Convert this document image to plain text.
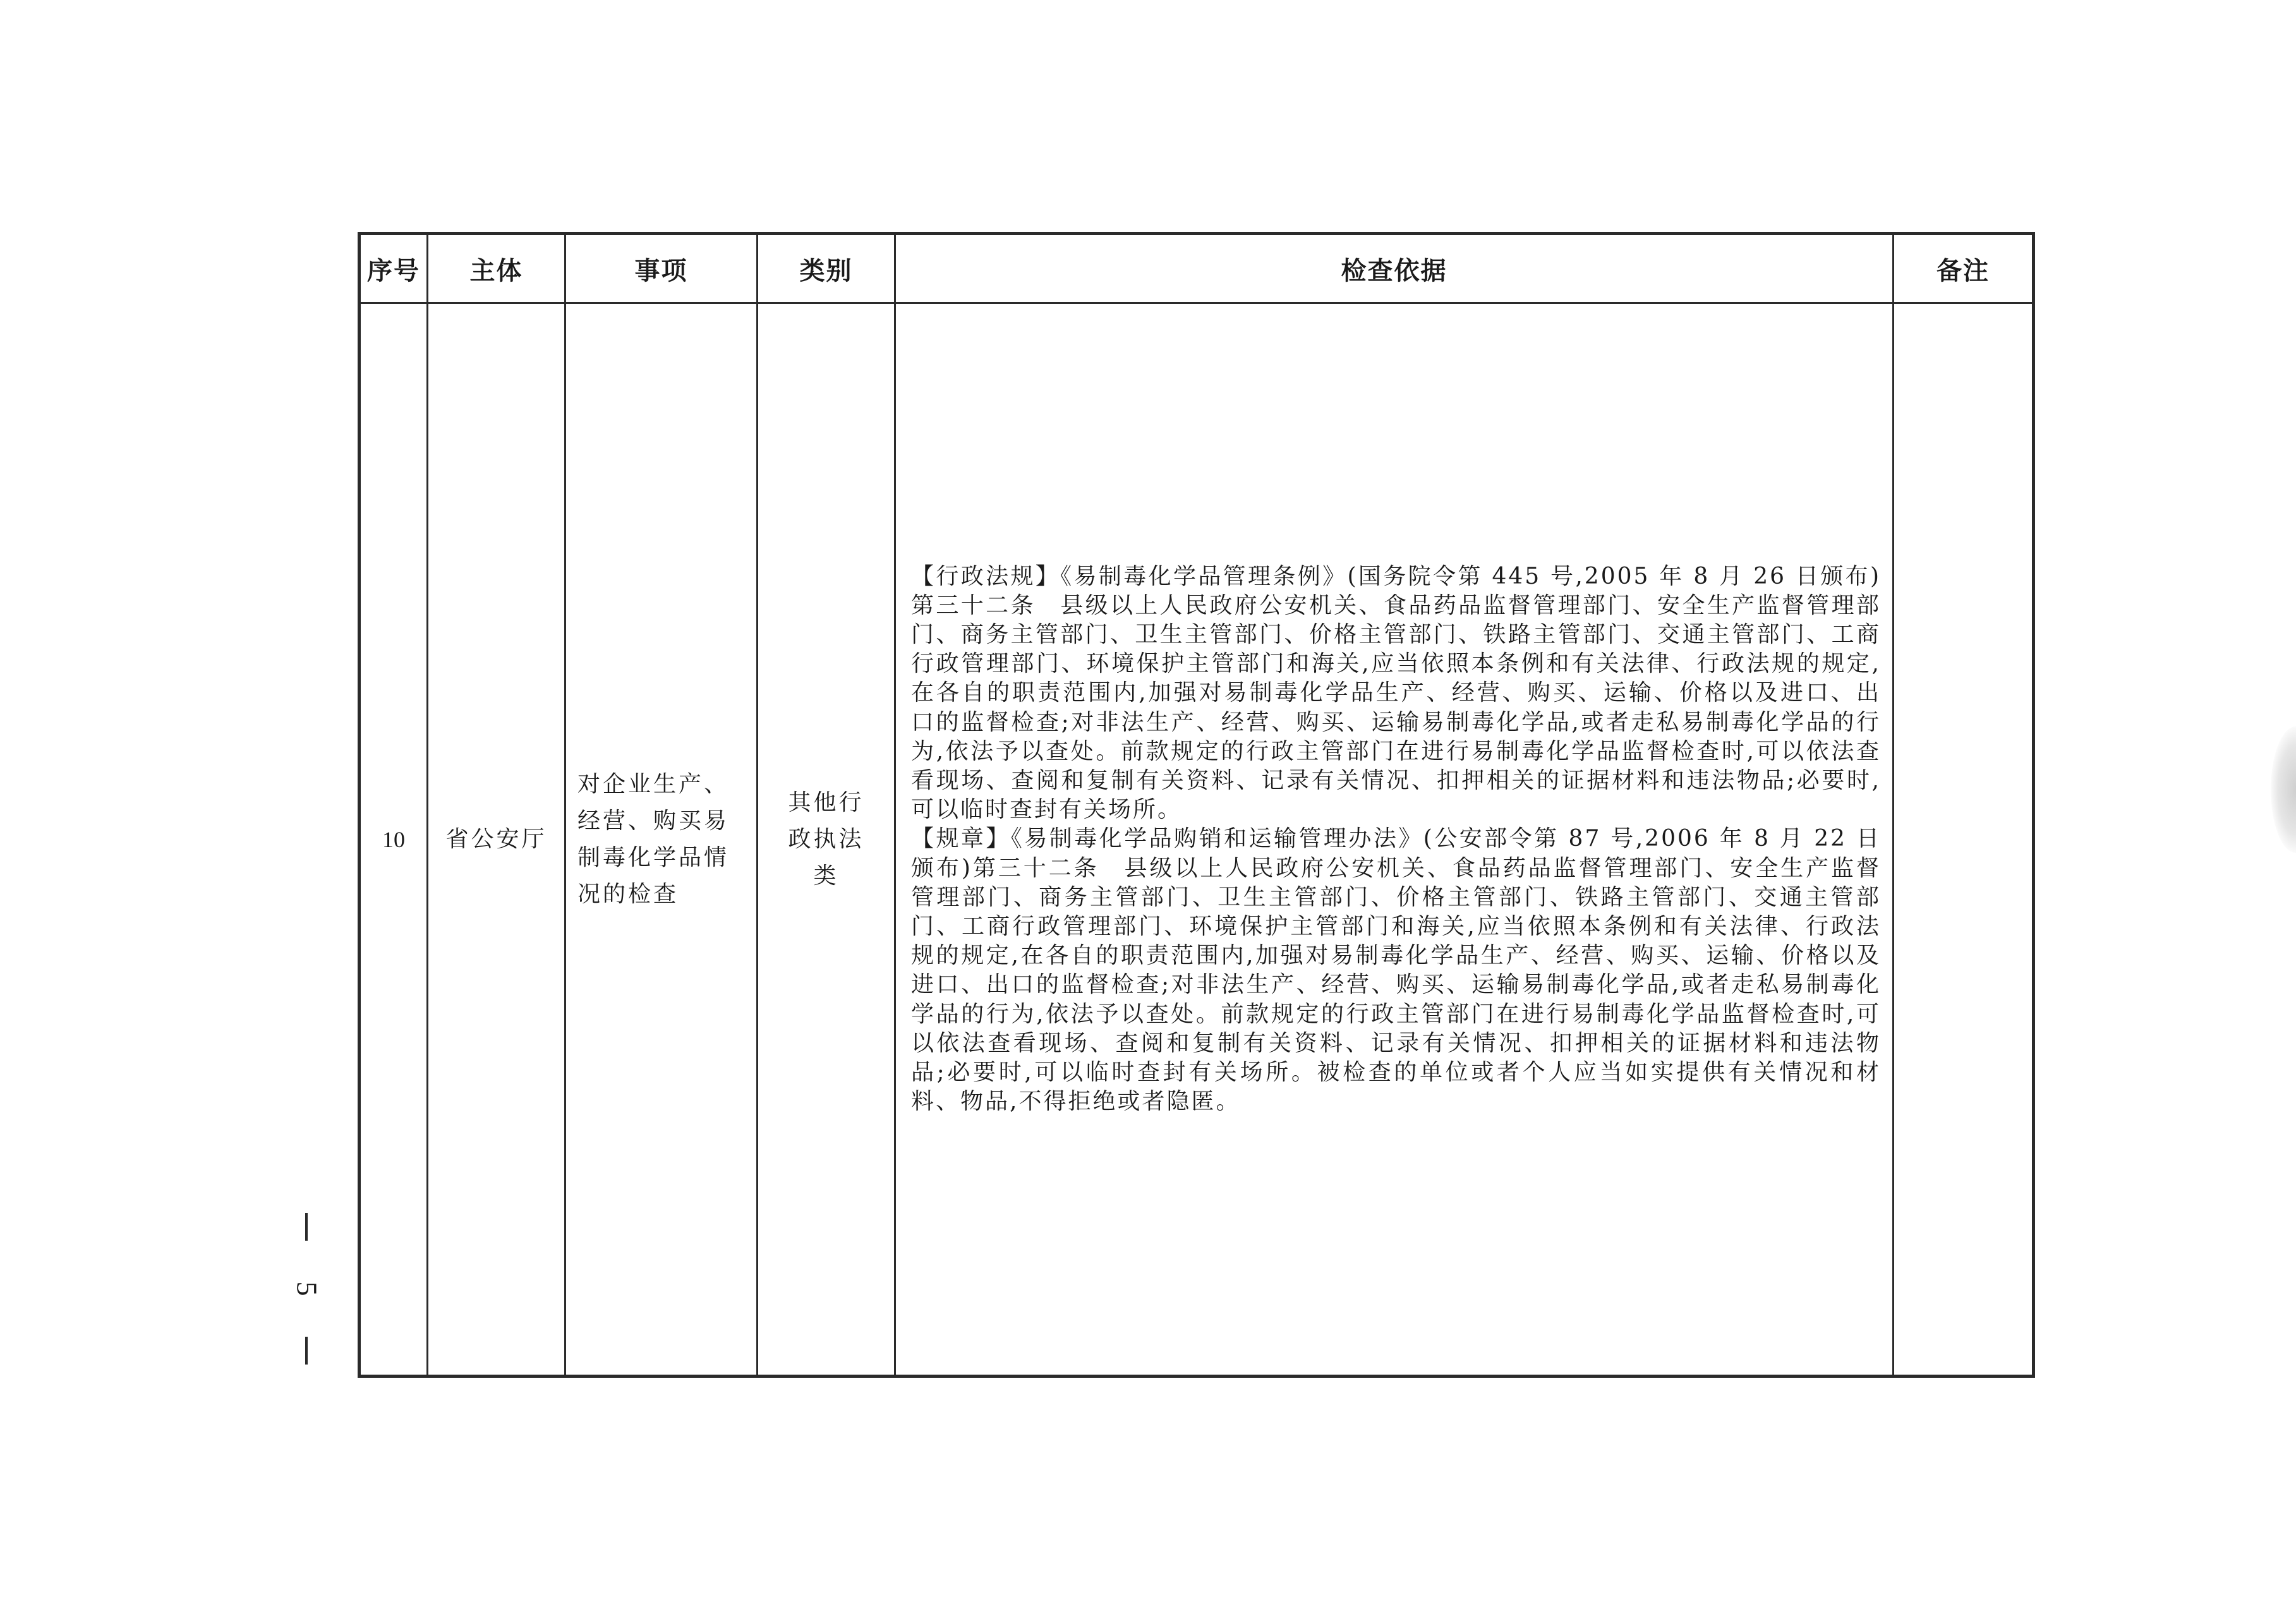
序号	主体	事项	类别	检查依据	备注
10	省公安厅	对企业生产、经营、购买易制毒化学品情况的检查	其他行政执法类	【行政法规】《易制毒化学品管理条例》(国务院令第 445 号,2005 年 8 月 26 日颁布)第三十二条　县级以上人民政府公安机关、食品药品监督管理部门、安全生产监督管理部门、商务主管部门、卫生主管部门、价格主管部门、铁路主管部门、交通主管部门、工商行政管理部门、环境保护主管部门和海关,应当依照本条例和有关法律、行政法规的规定,在各自的职责范围内,加强对易制毒化学品生产、经营、购买、运输、价格以及进口、出口的监督检查;对非法生产、经营、购买、运输易制毒化学品,或者走私易制毒化学品的行为,依法予以查处。前款规定的行政主管部门在进行易制毒化学品监督检查时,可以依法查看现场、查阅和复制有关资料、记录有关情况、扣押相关的证据材料和违法物品;必要时,可以临时查封有关场所。

【规章】《易制毒化学品购销和运输管理办法》(公安部令第 87 号,2006 年 8 月 22 日颁布)第三十二条　县级以上人民政府公安机关、食品药品监督管理部门、安全生产监督管理部门、商务主管部门、卫生主管部门、价格主管部门、铁路主管部门、交通主管部门、工商行政管理部门、环境保护主管部门和海关,应当依照本条例和有关法律、行政法规的规定,在各自的职责范围内,加强对易制毒化学品生产、经营、购买、运输、价格以及进口、出口的监督检查;对非法生产、经营、购买、运输易制毒化学品,或者走私易制毒化学品的行为,依法予以查处。前款规定的行政主管部门在进行易制毒化学品监督检查时,可以依法查看现场、查阅和复制有关资料、记录有关情况、扣押相关的证据材料和违法物品;必要时,可以临时查封有关场所。被检查的单位或者个人应当如实提供有关情况和材料、物品,不得拒绝或者隐匿。	

5
